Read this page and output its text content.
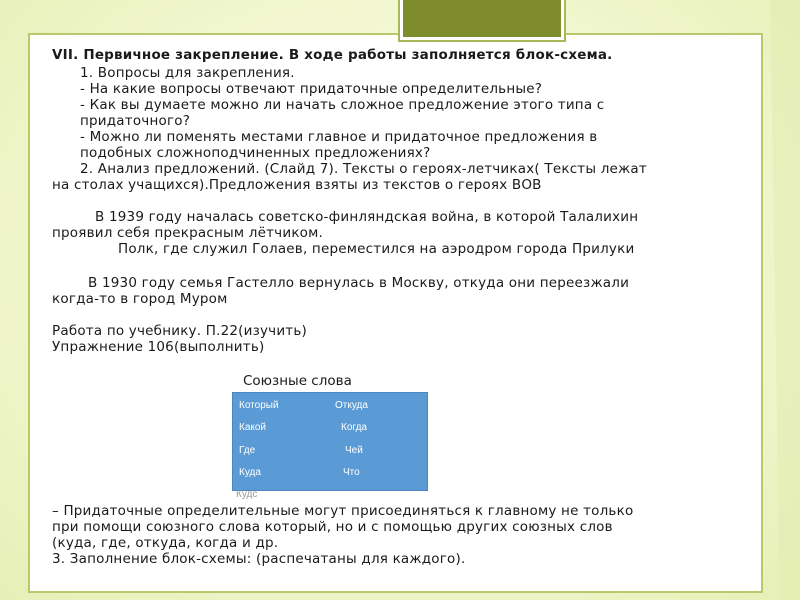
VII. Первичное закрепление. В ходе работы заполняется блок-схема.
1. Вопросы для закрепления.
- На какие вопросы отвечают придаточные определительные?
- Как вы думаете можно ли начать сложное предложение этого типа с
придаточного?
- Можно ли поменять местами главное и придаточное предложения в
подобных сложноподчиненных предложениях?
2. Анализ предложений. (Слайд 7). Тексты о героях-летчиках( Тексты лежат
на столах учащихся).Предложения взяты из текстов о героях ВОВ
В 1939 году началась советско-финляндская война, в которой Талалихин
проявил себя прекрасным лётчиком.
Полк, где служил Голаев, переместился на аэродром города Прилуки
В 1930 году семья Гастелло вернулась в Москву, откуда они переезжали
когда-то в город Муром
Работа по учебнику. П.22(изучить)
Упражнение 106(выполнить)
Союзные слова
Который	Откуда
Какой	Когда
Где	Чей
Куда	Что
Кудс
– Придаточные определительные могут присоединяться к главному не только
при помощи союзного слова который, но и с помощью других союзных слов
(куда, где, откуда, когда и др.
3. Заполнение блок-схемы: (распечатаны для каждого).
